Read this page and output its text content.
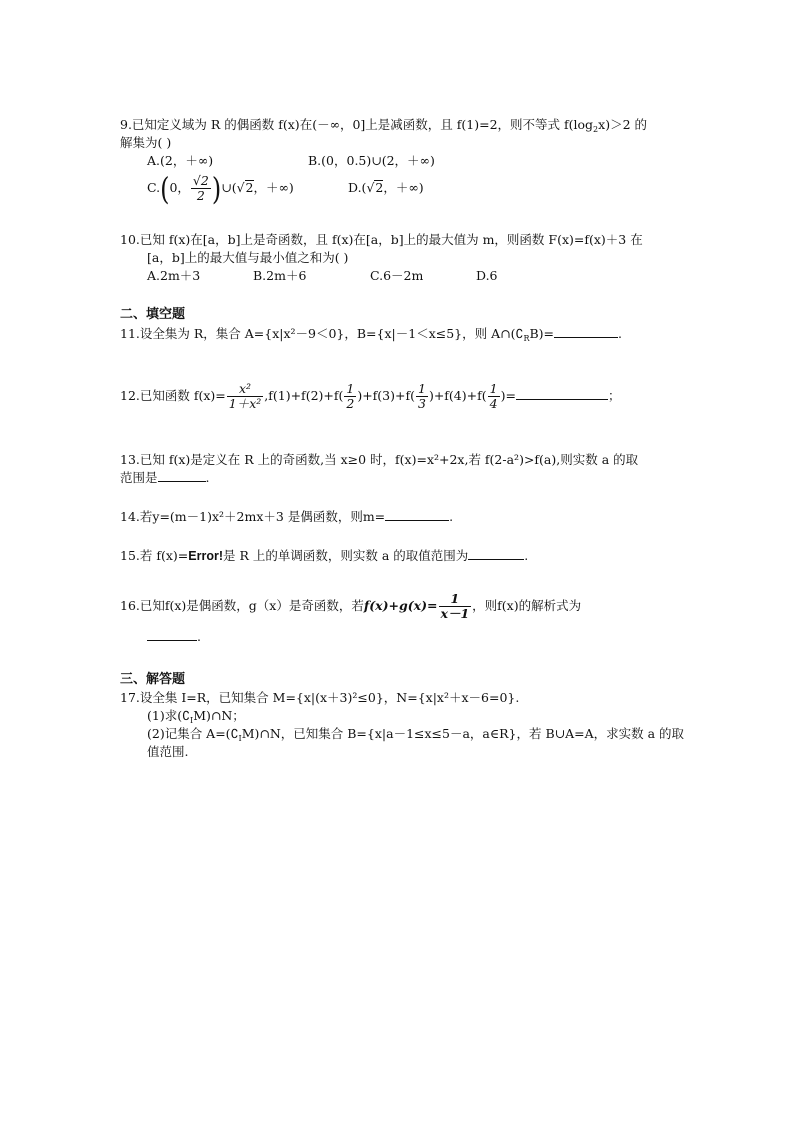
9.已知定义域为 R 的偶函数 f(x)在(－∞，0]上是减函数，且 f(1)=2，则不等式 $f(\log_2x)>2$ 的
解集为( )
A.(2，＋∞)	B.(0，0.5)∪(2，＋∞)
C.(0， $\frac{√2}{2}$ )∪(√2，＋∞)	D.(√2，＋∞)
10.已知 f(x)在[a，b]上是奇函数，且 f(x)在[a，b]上的最大值为 m，则函数 F(x)=f(x)＋3 在
[a，b]上的最大值与最小值之和为( )
A.2m＋3	B.2m＋6	C.6－2m	D.6
二、填空题
11.设全集为 R，集合 A={x|x²－9＜0}，B={x|－1＜x≤5}，则 $A\cap(∁_RB)=$	.
12.已知函数 $f(x)= \frac{\text{x²}}{\text{1＋x²}} ,f(1)+f(2)+f( \frac{1}{2} )+f(3)+f( \frac{1}{3} )+f(4)+f( \frac{1}{4}$ )=	；
13.已知 f(x)是定义在 R 上的奇函数,当 x≥0 时，f(x)=x²+2x,若 f(2-a²)>f(a),则实数 a 的取
范围是	.
14.若y=(m－1)x²＋2mx＋3 是偶函数，则m=	.
15.若 f(x)=Error!是 R 上的单调函数，则实数 a 的取值范围为	.
16.已知f(x)是偶函数，g（x）是奇函数，若$f(x)+g(x)= \frac{1}{x-1}$ ，则f(x)的解析式为
.
三、解答题
17.设全集 I=R，已知集合 M={x|(x＋3)²≤0}，N={x|x²＋x－6=0}.
(1)求$(∁_IM)\cap N$；
(2)记集合 $A=(∁_IM)\cap N$，已知集合 B={x|a－1≤x≤5－a，a∈R}，若 B∪A=A，求实数 a 的取
值范围.
